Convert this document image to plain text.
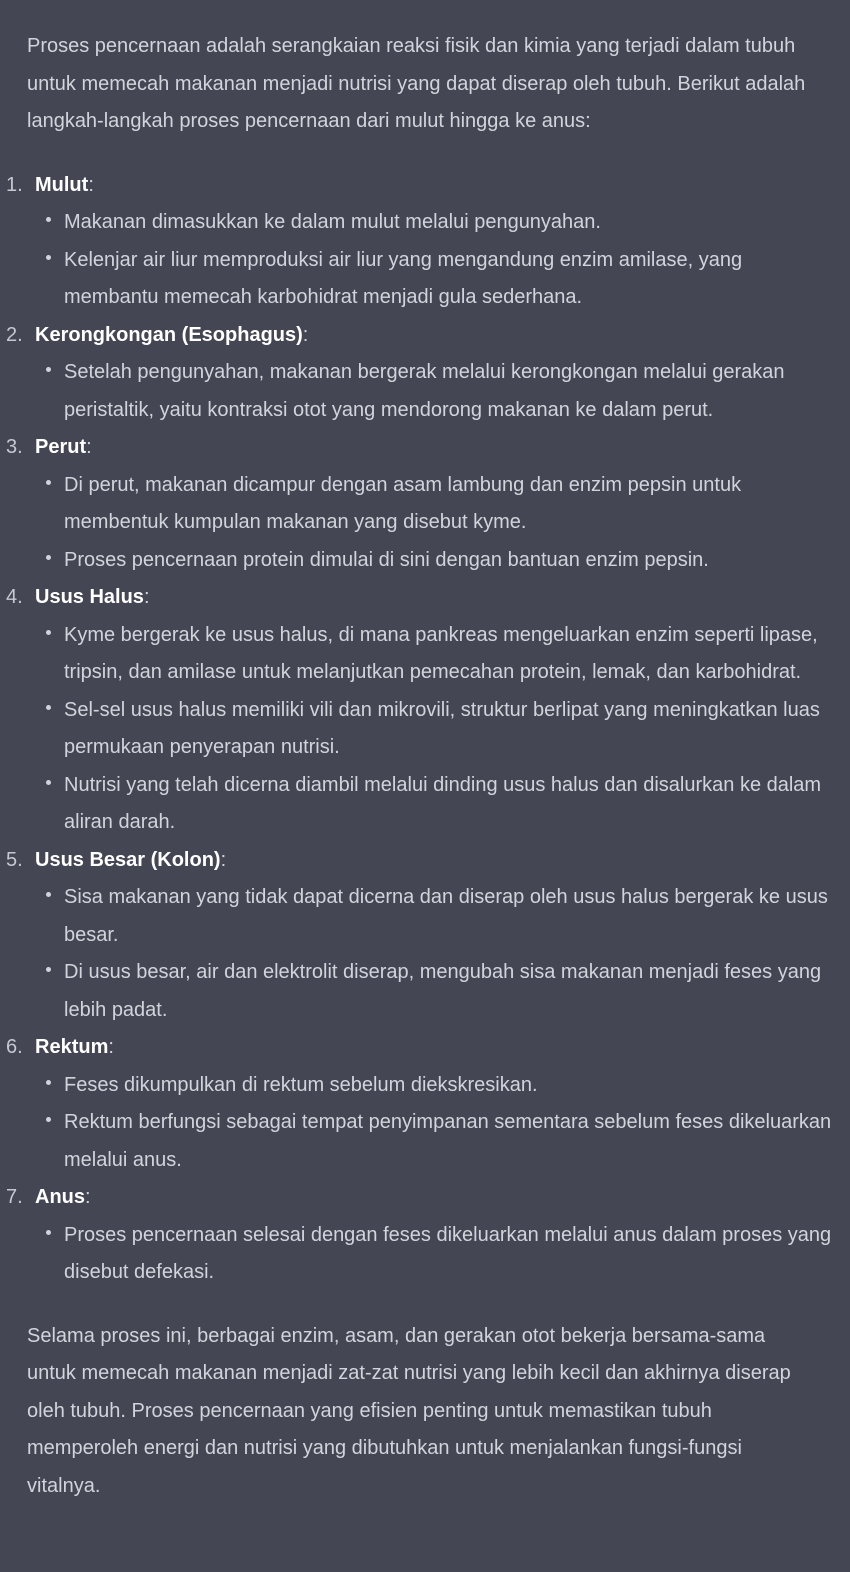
Proses pencernaan adalah serangkaian reaksi fisik dan kimia yang terjadi dalam tubuh untuk memecah makanan menjadi nutrisi yang dapat diserap oleh tubuh. Berikut adalah langkah-langkah proses pencernaan dari mulut hingga ke anus:

1. Mulut:
Makanan dimasukkan ke dalam mulut melalui pengunyahan.
Kelenjar air liur memproduksi air liur yang mengandung enzim amilase, yang membantu memecah karbohidrat menjadi gula sederhana.
2. Kerongkongan (Esophagus):
Setelah pengunyahan, makanan bergerak melalui kerongkongan melalui gerakan peristaltik, yaitu kontraksi otot yang mendorong makanan ke dalam perut.
3. Perut:
Di perut, makanan dicampur dengan asam lambung dan enzim pepsin untuk membentuk kumpulan makanan yang disebut kyme.
Proses pencernaan protein dimulai di sini dengan bantuan enzim pepsin.
4. Usus Halus:
Kyme bergerak ke usus halus, di mana pankreas mengeluarkan enzim seperti lipase, tripsin, dan amilase untuk melanjutkan pemecahan protein, lemak, dan karbohidrat.
Sel-sel usus halus memiliki vili dan mikrovili, struktur berlipat yang meningkatkan luas permukaan penyerapan nutrisi.
Nutrisi yang telah dicerna diambil melalui dinding usus halus dan disalurkan ke dalam aliran darah.
5. Usus Besar (Kolon):
Sisa makanan yang tidak dapat dicerna dan diserap oleh usus halus bergerak ke usus besar.
Di usus besar, air dan elektrolit diserap, mengubah sisa makanan menjadi feses yang lebih padat.
6. Rektum:
Feses dikumpulkan di rektum sebelum diekskresikan.
Rektum berfungsi sebagai tempat penyimpanan sementara sebelum feses dikeluarkan melalui anus.
7. Anus:
Proses pencernaan selesai dengan feses dikeluarkan melalui anus dalam proses yang disebut defekasi.

Selama proses ini, berbagai enzim, asam, dan gerakan otot bekerja bersama-sama untuk memecah makanan menjadi zat-zat nutrisi yang lebih kecil dan akhirnya diserap oleh tubuh. Proses pencernaan yang efisien penting untuk memastikan tubuh memperoleh energi dan nutrisi yang dibutuhkan untuk menjalankan fungsi-fungsi vitalnya.
